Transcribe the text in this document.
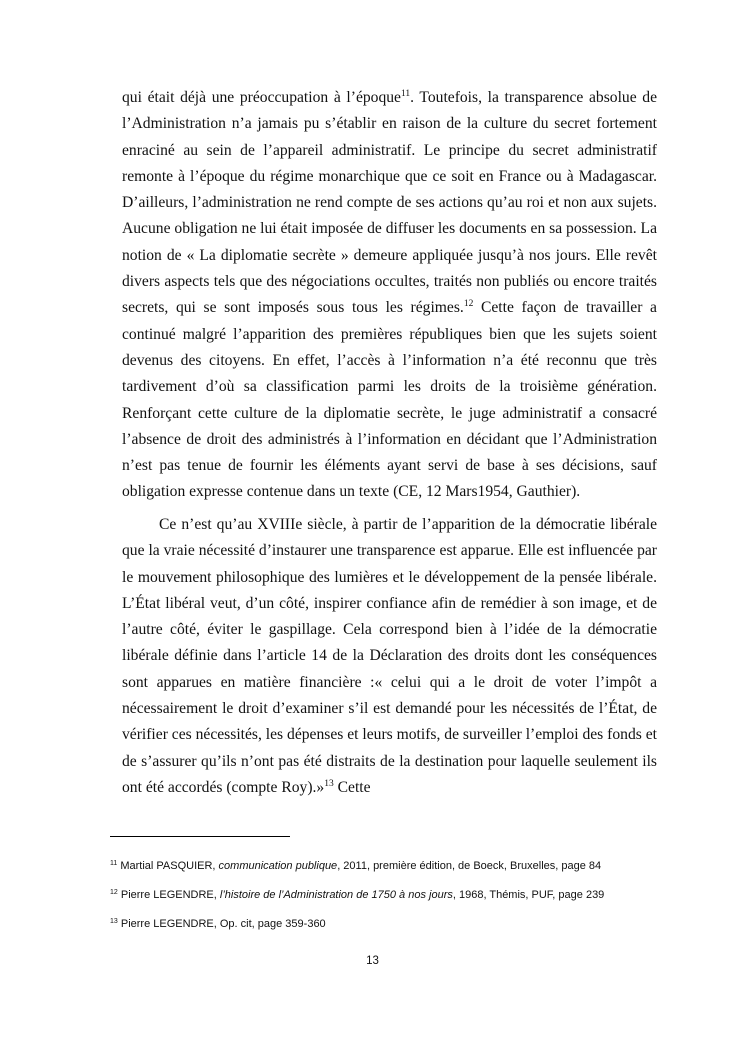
qui était déjà une préoccupation à l’époque$^{11}$. Toutefois, la transparence absolue de l’Administration n’a jamais pu s’établir en raison de la culture du secret fortement enraciné au sein de l’appareil administratif. Le principe du secret administratif remonte à l’époque du régime monarchique que ce soit en France ou à Madagascar. D’ailleurs, l’administration ne rend compte de ses actions qu’au roi et non aux sujets. Aucune obligation ne lui était imposée de diffuser les documents en sa possession. La notion de « La diplomatie secrète » demeure appliquée jusqu’à nos jours. Elle revêt divers aspects tels que des négociations occultes, traités non publiés ou encore traités secrets, qui se sont imposés sous tous les régimes.$^{12}$ Cette façon de travailler a continué malgré l’apparition des premières républiques bien que les sujets soient devenus des citoyens. En effet, l’accès à l’information n’a été reconnu que très tardivement d’où sa classification parmi les droits de la troisième génération. Renforçant cette culture de la diplomatie secrète, le juge administratif a consacré l’absence de droit des administrés à l’information en décidant que l’Administration n’est pas tenue de fournir les éléments ayant servi de base à ses décisions, sauf obligation expresse contenue dans un texte (CE, 12 Mars1954, Gauthier).

Ce n’est qu’au XVIIIe siècle, à partir de l’apparition de la démocratie libérale que la vraie nécessité d’instaurer une transparence est apparue. Elle est influencée par le mouvement philosophique des lumières et le développement de la pensée libérale. L’État libéral veut, d’un côté, inspirer confiance afin de remédier à son image, et de l’autre côté, éviter le gaspillage. Cela correspond bien à l’idée de la démocratie libérale définie dans l’article 14 de la Déclaration des droits dont les conséquences sont apparues en matière financière :« celui qui a le droit de voter l’impôt a nécessairement le droit d’examiner s’il est demandé pour les nécessités de l’État, de vérifier ces nécessités, les dépenses et leurs motifs, de surveiller l’emploi des fonds et de s’assurer qu’ils n’ont pas été distraits de la destination pour laquelle seulement ils ont été accordés (compte Roy).»$^{13}$ Cette

$^{11}$ Martial PASQUIER, communication publique, 2011, première édition, de Boeck, Bruxelles, page 84
$^{12}$ Pierre LEGENDRE, l’histoire de l’Administration de 1750 à nos jours, 1968, Thémis, PUF, page 239
$^{13}$ Pierre LEGENDRE, Op. cit, page 359-360
13
